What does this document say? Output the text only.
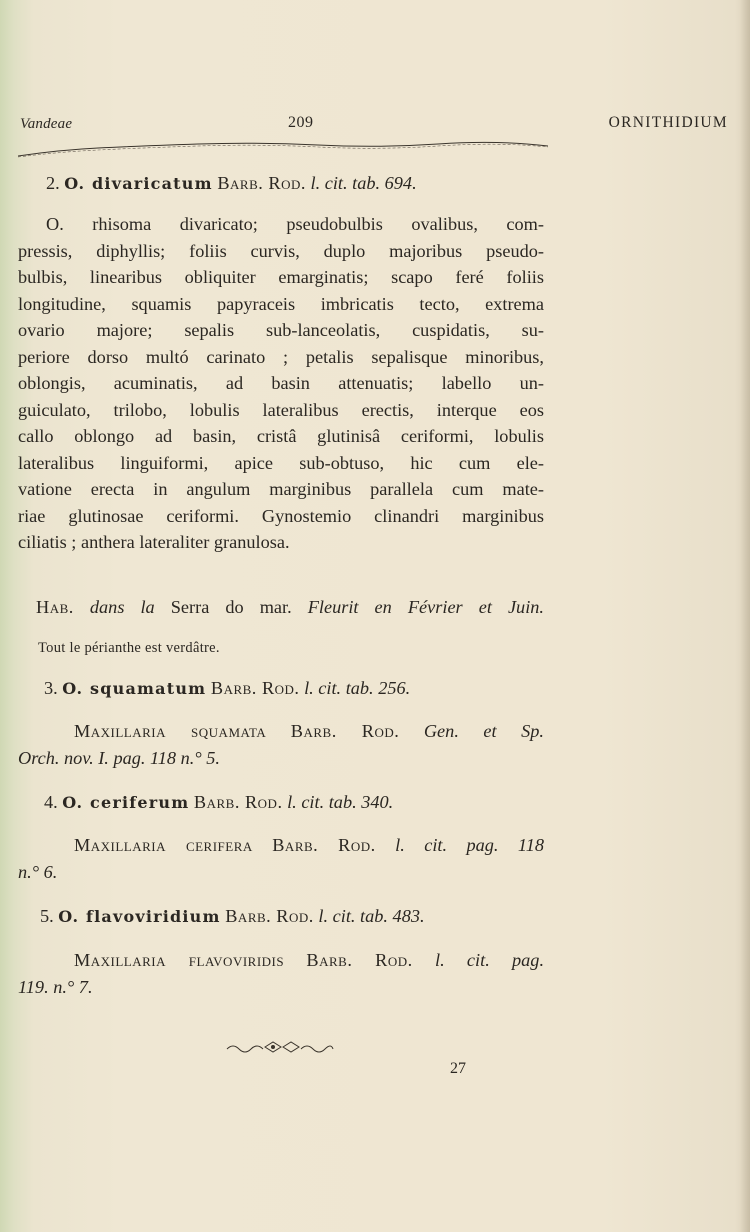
Vandeae	209	ORNITHIDIUM
2. O. divaricatum Barb. Rod. l. cit. tab. 694.
O. rhisoma divaricato; pseudobulbis ovalibus, com-
pressis, diphyllis; foliis curvis, duplo majoribus pseudo-
bulbis, linearibus obliquiter emarginatis; scapo feré foliis
longitudine, squamis papyraceis imbricatis tecto, extrema
ovario majore; sepalis sub-lanceolatis, cuspidatis, su-
periore dorso multó carinato ; petalis sepalisque minoribus,
oblongis, acuminatis, ad basin attenuatis; labello un-
guiculato, trilobo, lobulis lateralibus erectis, interque eos
callo oblongo ad basin, cristâ glutinisâ ceriformi, lobulis
lateralibus linguiformi, apice sub-obtuso, hic cum ele-
vatione erecta in angulum marginibus parallela cum mate-
riae glutinosae ceriformi. Gynostemio clinandri marginibus
ciliatis ; anthera lateraliter granulosa.
Hab. dans la Serra do mar. Fleurit en Février et Juin.
Tout le périanthe est verdâtre.
3. O. squamatum Barb. Rod. l. cit. tab. 256.
Maxillaria squamata Barb. Rod. Gen. et Sp.
Orch. nov. I. pag. 118 n.° 5.
4. O. ceriferum Barb. Rod. l. cit. tab. 340.
Maxillaria cerifera Barb. Rod. l. cit. pag. 118
n.° 6.
5. O. flavoviridium Barb. Rod. l. cit. tab. 483.
Maxillaria flavoviridis Barb. Rod. l. cit. pag.
119. n.° 7.
27
